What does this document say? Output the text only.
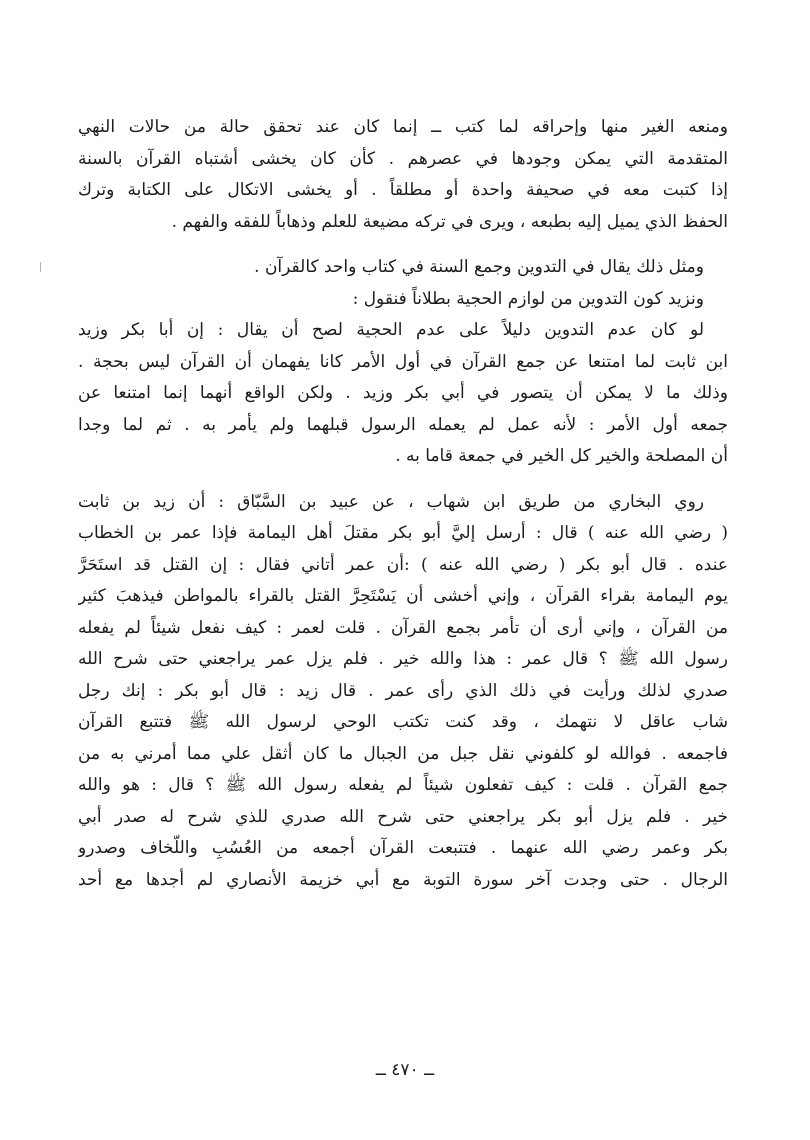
ومنعه الغير منها وإحراقه لما كتب ــ إنما كان عند تحقق حالة من حالات النهي
المتقدمة التي يمكن وجودها في عصرهم . كأن كان يخشى أشتباه القرآن بالسنة
إذا كتبت معه في صحيفة واحدة أو مطلقاً . أو يخشى الاتكال على الكتابة وترك
الحفظ الذي يميل إليه بطبعه ، ويرى في تركه مضيعة للعلم وذهاباً للفقه والفهم .
ومثل ذلك يقال في التدوين وجمع السنة في كتاب واحد كالقرآن .
ونزيد كون التدوين من لوازم الحجية بطلاناً فنقول :
لو كان عدم التدوين دليلاً على عدم الحجية لصح أن يقال : إن أبا بكر وزيد
ابن ثابت لما امتنعا عن جمع القرآن في أول الأمر كانا يفهمان أن القرآن ليس بحجة .
وذلك ما لا يمكن أن يتصور في أبي بكر وزيد . ولكن الواقع أنهما إنما امتنعا عن
جمعه أول الأمر : لأنه عمل لم يعمله الرسول قبلهما ولم يأمر به . ثم لما وجدا
أن المصلحة والخير كل الخير في جمعة قاما به .
روي البخاري من طريق ابن شهاب ، عن عبيد بن السَّبّاق : أن زيد بن ثابت
( رضي الله عنه ) قال : أرسل إليَّ أبو بكر مقتلَ أهل اليمامة فإذا عمر بن الخطاب
عنده . قال أبو بكر ( رضي الله عنه ) :أن عمر أتاني فقال : إن القتل قد استَحَرَّ
يوم اليمامة بقراء القرآن ، وإني أخشى أن يَسْتَحِرَّ القتل بالقراء بالمواطن فيذهبَ كثير
من القرآن ، وإني أرى أن تأمر بجمع القرآن . قلت لعمر : كيف نفعل شيئاً لم يفعله
رسول الله ﷺ ؟ قال عمر : هذا والله خير . فلم يزل عمر يراجعني حتى شرح الله
صدري لذلك ورأيت في ذلك الذي رأى عمر . قال زيد : قال أبو بكر : إنك رجل
شاب عاقل لا نتهمك ، وقد كنت تكتب الوحي لرسول الله ﷺ فتتبع القرآن
فاجمعه . فوالله لو كلفوني نقل جبل من الجبال ما كان أثقل علي مما أمرني به من
جمع القرآن . قلت : كيف تفعلون شيئاً لم يفعله رسول الله ﷺ ؟ قال : هو والله
خير . فلم يزل أبو بكر يراجعني حتى شرح الله صدري للذي شرح له صدر أبي
بكر وعمر رضي الله عنهما . فتتبعت القرآن أجمعه من العُسُبِ واللّخاف وصدرو
الرجال . حتى وجدت آخر سورة التوبة مع أبي خزيمة الأنصاري لم أجدها مع أحد
ــ ٤٧٠ ــ
